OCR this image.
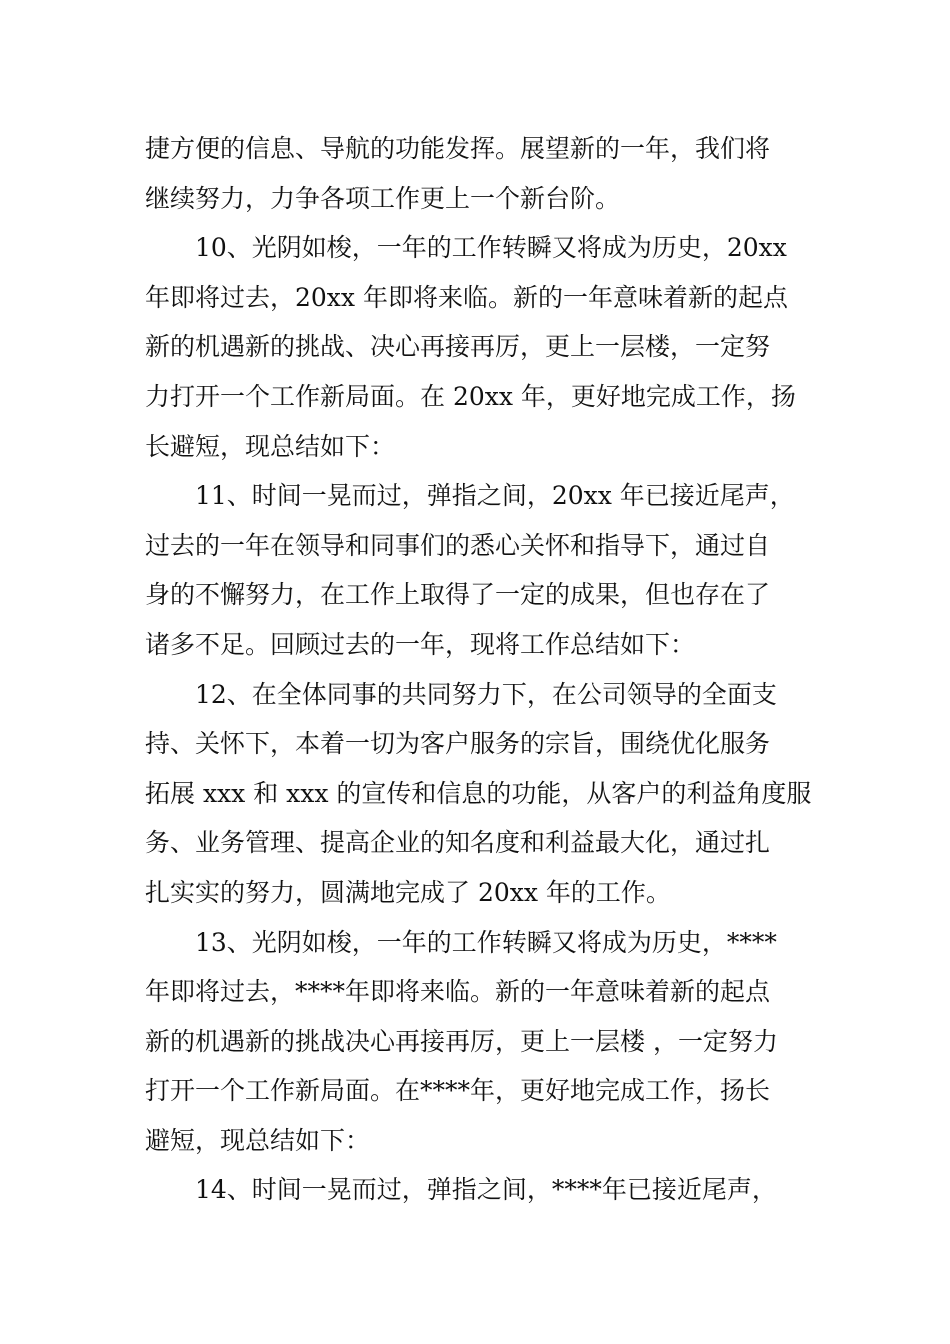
捷方便的信息、导航的功能发挥。展望新的一年，我们将
继续努力，力争各项工作更上一个新台阶。
10、光阴如梭，一年的工作转瞬又将成为历史，20xx
年即将过去，20xx 年即将来临。新的一年意味着新的起点
新的机遇新的挑战、决心再接再厉，更上一层楼，一定努
力打开一个工作新局面。在 20xx 年，更好地完成工作，扬
长避短，现总结如下：
11、时间一晃而过，弹指之间，20xx 年已接近尾声，
过去的一年在领导和同事们的悉心关怀和指导下，通过自
身的不懈努力，在工作上取得了一定的成果，但也存在了
诸多不足。回顾过去的一年，现将工作总结如下：
12、在全体同事的共同努力下，在公司领导的全面支
持、关怀下，本着一切为客户服务的宗旨，围绕优化服务
拓展 xxx 和 xxx 的宣传和信息的功能，从客户的利益角度服
务、业务管理、提高企业的知名度和利益最大化，通过扎
扎实实的努力，圆满地完成了 20xx 年的工作。
13、光阴如梭，一年的工作转瞬又将成为历史，****
年即将过去，****年即将来临。新的一年意味着新的起点
新的机遇新的挑战决心再接再厉，更上一层楼 ，一定努力
打开一个工作新局面。在****年，更好地完成工作，扬长
避短，现总结如下：
14、时间一晃而过，弹指之间，****年已接近尾声，
